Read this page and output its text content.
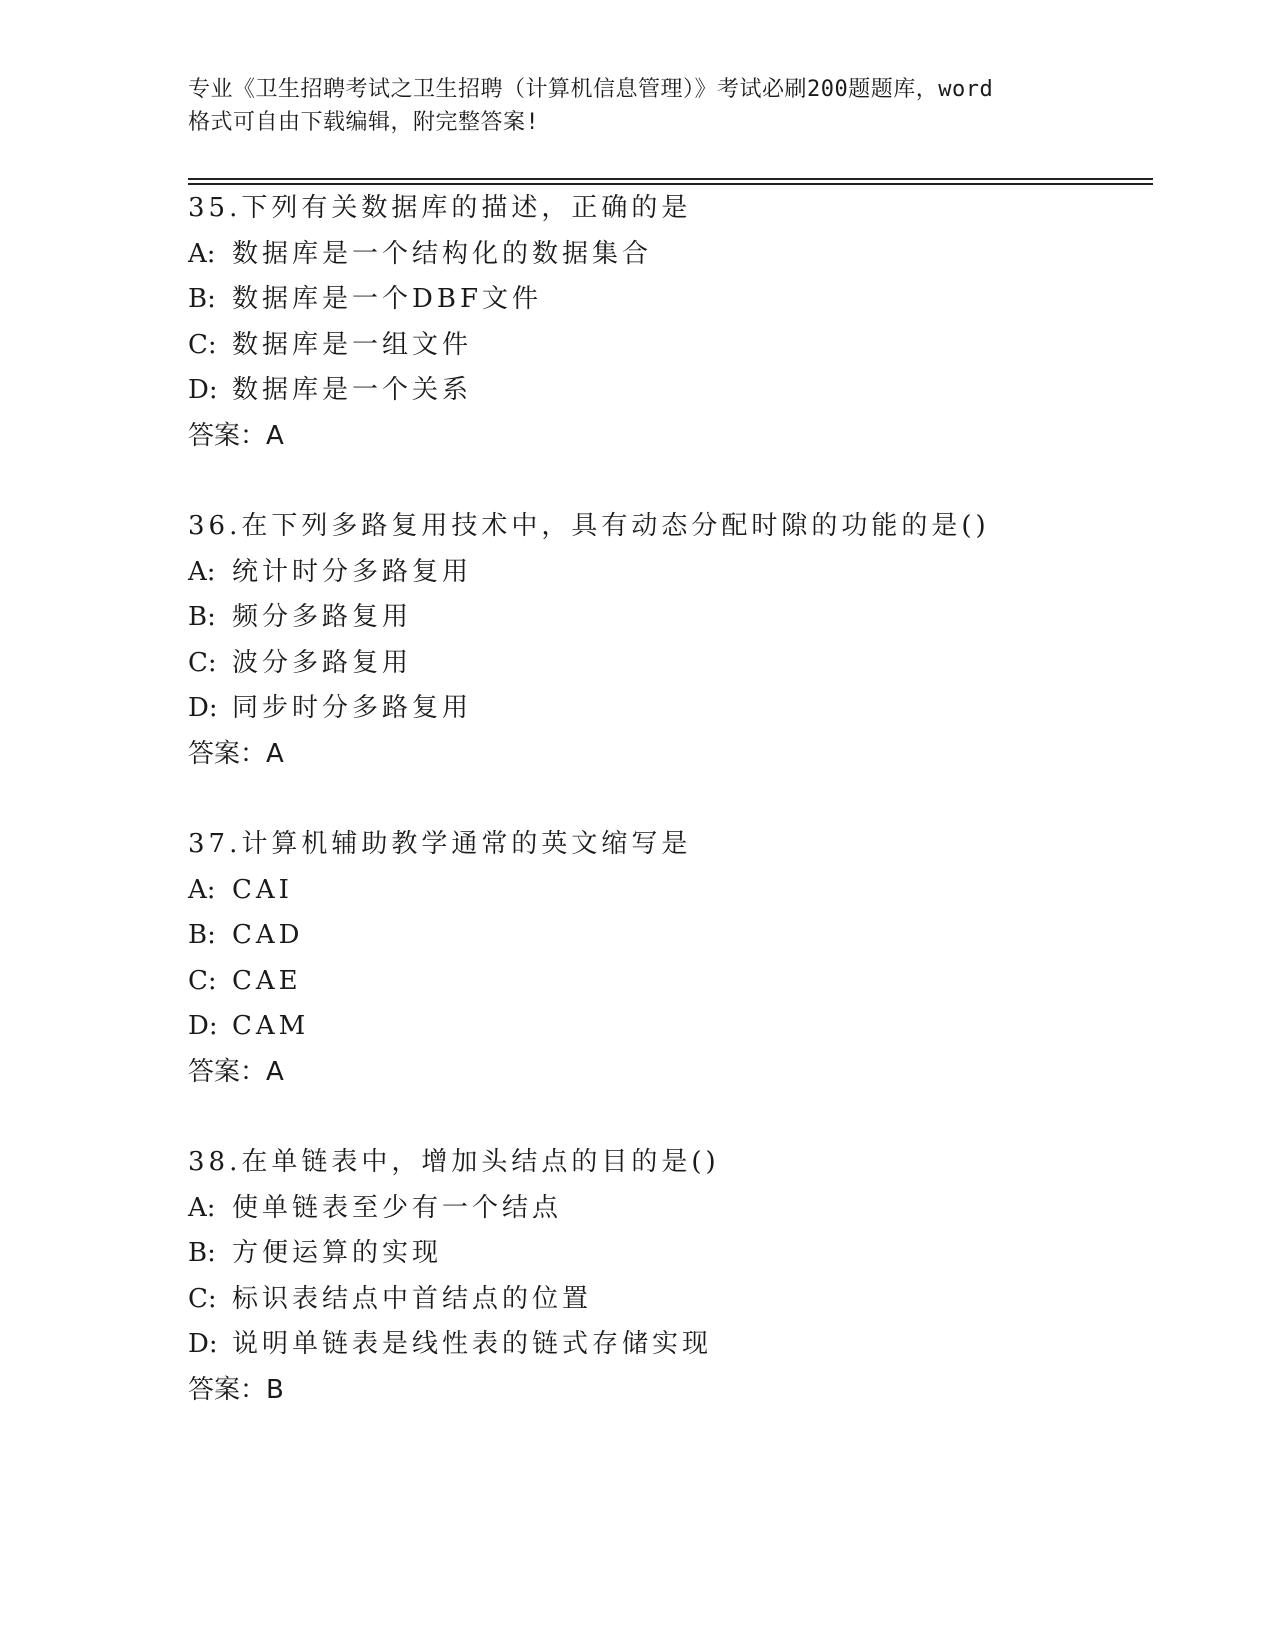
专业《卫生招聘考试之卫生招聘（计算机信息管理）》考试必刷200题题库，word
格式可自由下载编辑，附完整答案!
35.下列有关数据库的描述，正确的是
A: 数据库是一个结构化的数据集合
B: 数据库是一个DBF文件
C: 数据库是一组文件
D: 数据库是一个关系
答案：A
36.在下列多路复用技术中，具有动态分配时隙的功能的是()
A: 统计时分多路复用
B: 频分多路复用
C: 波分多路复用
D: 同步时分多路复用
答案：A
37.计算机辅助教学通常的英文缩写是
A: CAI
B: CAD
C: CAE
D: CAM
答案：A
38.在单链表中，增加头结点的目的是()
A: 使单链表至少有一个结点
B: 方便运算的实现
C: 标识表结点中首结点的位置
D: 说明单链表是线性表的链式存储实现
答案：B
